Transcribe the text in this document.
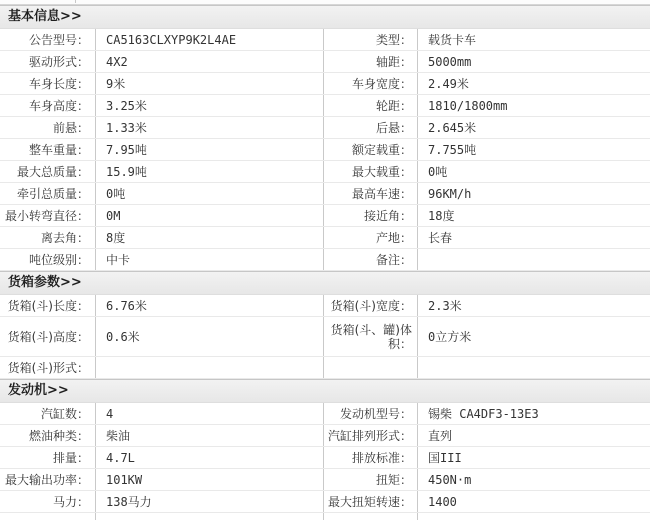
基本信息>>
公告型号： CA5163CLXYP9K2L4AE	类型： 载货卡车
驱动形式： 4X2	轴距： 5000mm
车身长度： 9米	车身宽度： 2.49米
车身高度： 3.25米	轮距： 1810/1800mm
前悬： 1.33米	后悬： 2.645米
整车重量： 7.95吨	额定载重： 7.755吨
最大总质量： 15.9吨	最大载重： 0吨
牵引总质量： 0吨	最高车速： 96KM/h
最小转弯直径： 0M	接近角： 18度
离去角： 8度	产地： 长春
吨位级别： 中卡	备注：
货箱参数>>
货箱(斗)长度： 6.76米	货箱(斗)宽度： 2.3米
货箱(斗)高度： 0.6米	货箱(斗、罐)体积： 0立方米
货箱(斗)形式：
发动机>>
汽缸数： 4	发动机型号： 锡柴 CA4DF3-13E3
燃油种类： 柴油	汽缸排列形式： 直列
排量： 4.7L	排放标准： 国III
最大输出功率： 101KW	扭矩： 450N·m
马力： 138马力	最大扭矩转速： 1400
